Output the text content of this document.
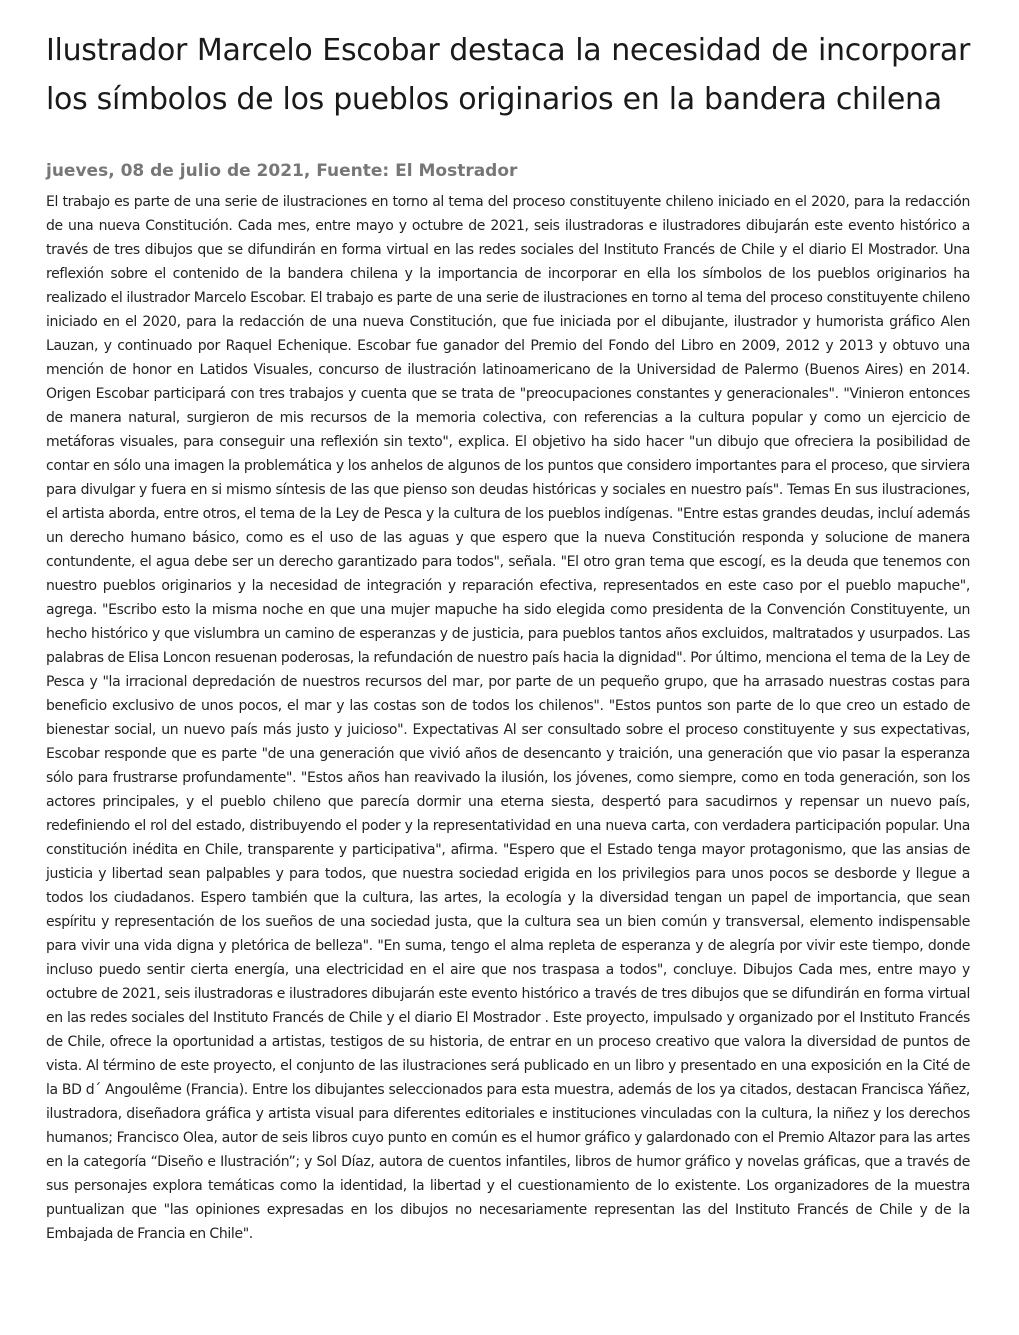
Ilustrador Marcelo Escobar destaca la necesidad de incorporar los símbolos de los pueblos originarios en la bandera chilena
jueves, 08 de julio de 2021, Fuente: El Mostrador

El trabajo es parte de una serie de ilustraciones en torno al tema del proceso constituyente chileno iniciado en el 2020, para la redacción de una nueva Constitución. Cada mes, entre mayo y octubre de 2021, seis ilustradoras e ilustradores dibujarán este evento histórico a través de tres dibujos que se difundirán en forma virtual en las redes sociales del Instituto Francés de Chile y el diario El Mostrador. Una reflexión sobre el contenido de la bandera chilena y la importancia de incorporar en ella los símbolos de los pueblos originarios ha realizado el ilustrador Marcelo Escobar. El trabajo es parte de una serie de ilustraciones en torno al tema del proceso constituyente chileno iniciado en el 2020, para la redacción de una nueva Constitución, que fue iniciada por el dibujante, ilustrador y humorista gráfico Alen Lauzan, y continuado por Raquel Echenique. Escobar fue ganador del Premio del Fondo del Libro en 2009, 2012 y 2013 y obtuvo una mención de honor en Latidos Visuales, concurso de ilustración latinoamericano de la Universidad de Palermo (Buenos Aires) en 2014. Origen Escobar participará con tres trabajos y cuenta que se trata de "preocupaciones constantes y generacionales". "Vinieron entonces de manera natural, surgieron de mis recursos de la memoria colectiva, con referencias a la cultura popular y como un ejercicio de metáforas visuales, para conseguir una reflexión sin texto", explica. El objetivo ha sido hacer "un dibujo que ofreciera la posibilidad de contar en sólo una imagen la problemática y los anhelos de algunos de los puntos que considero importantes para el proceso, que sirviera para divulgar y fuera en si mismo síntesis de las que pienso son deudas históricas y sociales en nuestro país". Temas En sus ilustraciones, el artista aborda, entre otros, el tema de la Ley de Pesca y la cultura de los pueblos indígenas. "Entre estas grandes deudas, incluí además un derecho humano básico, como es el uso de las aguas y que espero que la nueva Constitución responda y solucione de manera contundente, el agua debe ser un derecho garantizado para todos", señala. "El otro gran tema que escogí, es la deuda que tenemos con nuestro pueblos originarios y la necesidad de integración y reparación efectiva, representados en este caso por el pueblo mapuche", agrega. "Escribo esto la misma noche en que una mujer mapuche ha sido elegida como presidenta de la Convención Constituyente, un hecho histórico y que vislumbra un camino de esperanzas y de justicia, para pueblos tantos años excluidos, maltratados y usurpados. Las palabras de Elisa Loncon resuenan poderosas, la refundación de nuestro país hacia la dignidad". Por último, menciona el tema de la Ley de Pesca y "la irracional depredación de nuestros recursos del mar, por parte de un pequeño grupo, que ha arrasado nuestras costas para beneficio exclusivo de unos pocos, el mar y las costas son de todos los chilenos". "Estos puntos son parte de lo que creo un estado de bienestar social, un nuevo país más justo y juicioso". Expectativas Al ser consultado sobre el proceso constituyente y sus expectativas, Escobar responde que es parte "de una generación que vivió años de desencanto y traición, una generación que vio pasar la esperanza sólo para frustrarse profundamente". "Estos años han reavivado la ilusión, los jóvenes, como siempre, como en toda generación, son los actores principales, y el pueblo chileno que parecía dormir una eterna siesta, despertó para sacudirnos y repensar un nuevo país, redefiniendo el rol del estado, distribuyendo el poder y la representatividad en una nueva carta, con verdadera participación popular. Una constitución inédita en Chile, transparente y participativa", afirma. "Espero que el Estado tenga mayor protagonismo, que las ansias de justicia y libertad sean palpables y para todos, que nuestra sociedad erigida en los privilegios para unos pocos se desborde y llegue a todos los ciudadanos. Espero también que la cultura, las artes, la ecología y la diversidad tengan un papel de importancia, que sean espíritu y representación de los sueños de una sociedad justa, que la cultura sea un bien común y transversal, elemento indispensable para vivir una vida digna y pletórica de belleza". "En suma, tengo el alma repleta de esperanza y de alegría por vivir este tiempo, donde incluso puedo sentir cierta energía, una electricidad en el aire que nos traspasa a todos", concluye. Dibujos Cada mes, entre mayo y octubre de 2021, seis ilustradoras e ilustradores dibujarán este evento histórico a través de tres dibujos que se difundirán en forma virtual en las redes sociales del Instituto Francés de Chile y el diario El Mostrador . Este proyecto, impulsado y organizado por el Instituto Francés de Chile, ofrece la oportunidad a artistas, testigos de su historia, de entrar en un proceso creativo que valora la diversidad de puntos de vista. Al término de este proyecto, el conjunto de las ilustraciones será publicado en un libro y presentado en una exposición en la Cité de la BD d´ Angoulême (Francia). Entre los dibujantes seleccionados para esta muestra, además de los ya citados, destacan Francisca Yáñez, ilustradora, diseñadora gráfica y artista visual para diferentes editoriales e instituciones vinculadas con la cultura, la niñez y los derechos humanos; Francisco Olea, autor de seis libros cuyo punto en común es el humor gráfico y galardonado con el Premio Altazor para las artes en la categoría “Diseño e Ilustración”; y Sol Díaz, autora de cuentos infantiles, libros de humor gráfico y novelas gráficas, que a través de sus personajes explora temáticas como la identidad, la libertad y el cuestionamiento de lo existente. Los organizadores de la muestra puntualizan que "las opiniones expresadas en los dibujos no necesariamente representan las del Instituto Francés de Chile y de la Embajada de Francia en Chile".
